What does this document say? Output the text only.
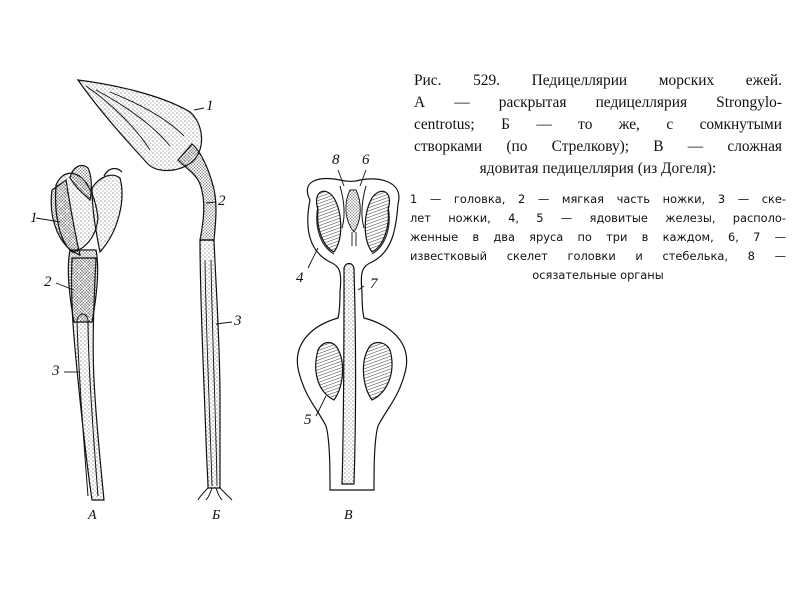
1
2
3
А
1
2
3
Б
8 6
4	7
5
В
Рис. 529. Педицеллярии морских ежей.
А — раскрытая педицеллярия Strongylo-
centrotus; Б — то же, с сомкнутыми
створками (по Стрелкову); В — сложная
ядовитая педицеллярия (из Догеля):
1 — головка, 2 — мягкая часть ножки, 3 — ске-
лет ножки, 4, 5 — ядовитые железы, располо-
женные в два яруса по три в каждом, 6, 7 —
известковый скелет головки и стебелька, 8 —
осязательные органы
